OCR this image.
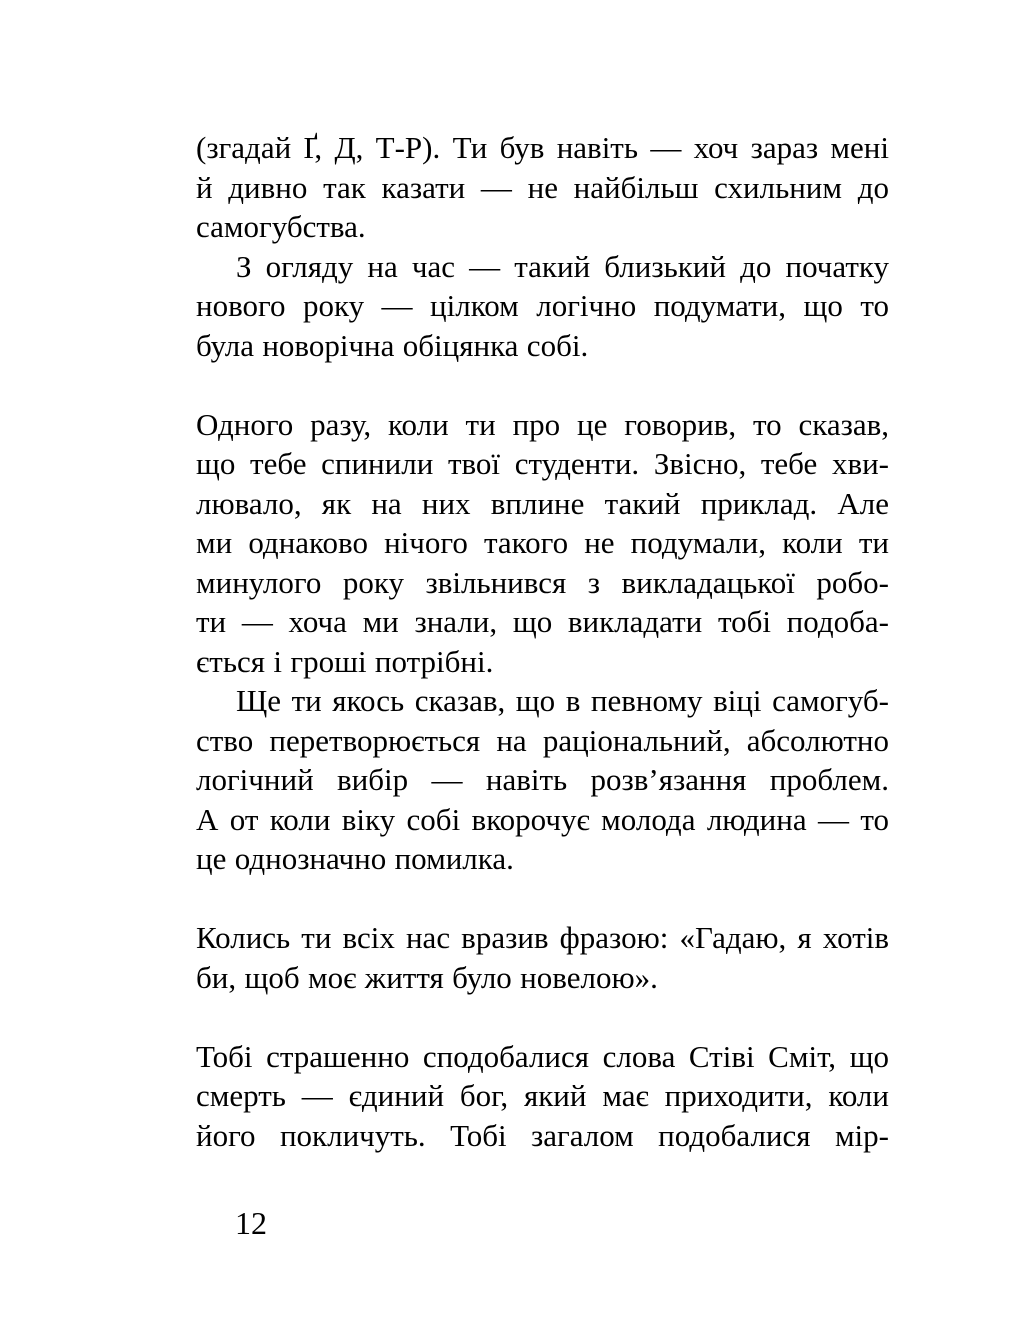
(згадай Ґ, Д, Т-Р). Ти був навіть — хоч зараз мені
й дивно так казати — не найбільш схильним до
самогубства.
З огляду на час — такий близький до початку
нового року — цілком логічно подумати, що то
була новорічна обіцянка собі.
Одного разу, коли ти про це говорив, то сказав,
що тебе спинили твої студенти. Звісно, тебе хви-
лювало, як на них вплине такий приклад. Але
ми однаково нічого такого не подумали, коли ти
минулого року звільнився з викладацької робо-
ти — хоча ми знали, що викладати тобі подоба-
ється і гроші потрібні.
Ще ти якось сказав, що в певному віці самогуб-
ство перетворюється на раціональний, абсолютно
логічний вибір — навіть розв’язання проблем.
А от коли віку собі вкорочує молода людина — то
це однозначно помилка.
Колись ти всіх нас вразив фразою: «Гадаю, я хотів
би, щоб моє життя було новелою».
Тобі страшенно сподобалися слова Стіві Сміт, що
смерть — єдиний бог, який має приходити, коли
його покличуть. Тобі загалом подобалися мір-
12
